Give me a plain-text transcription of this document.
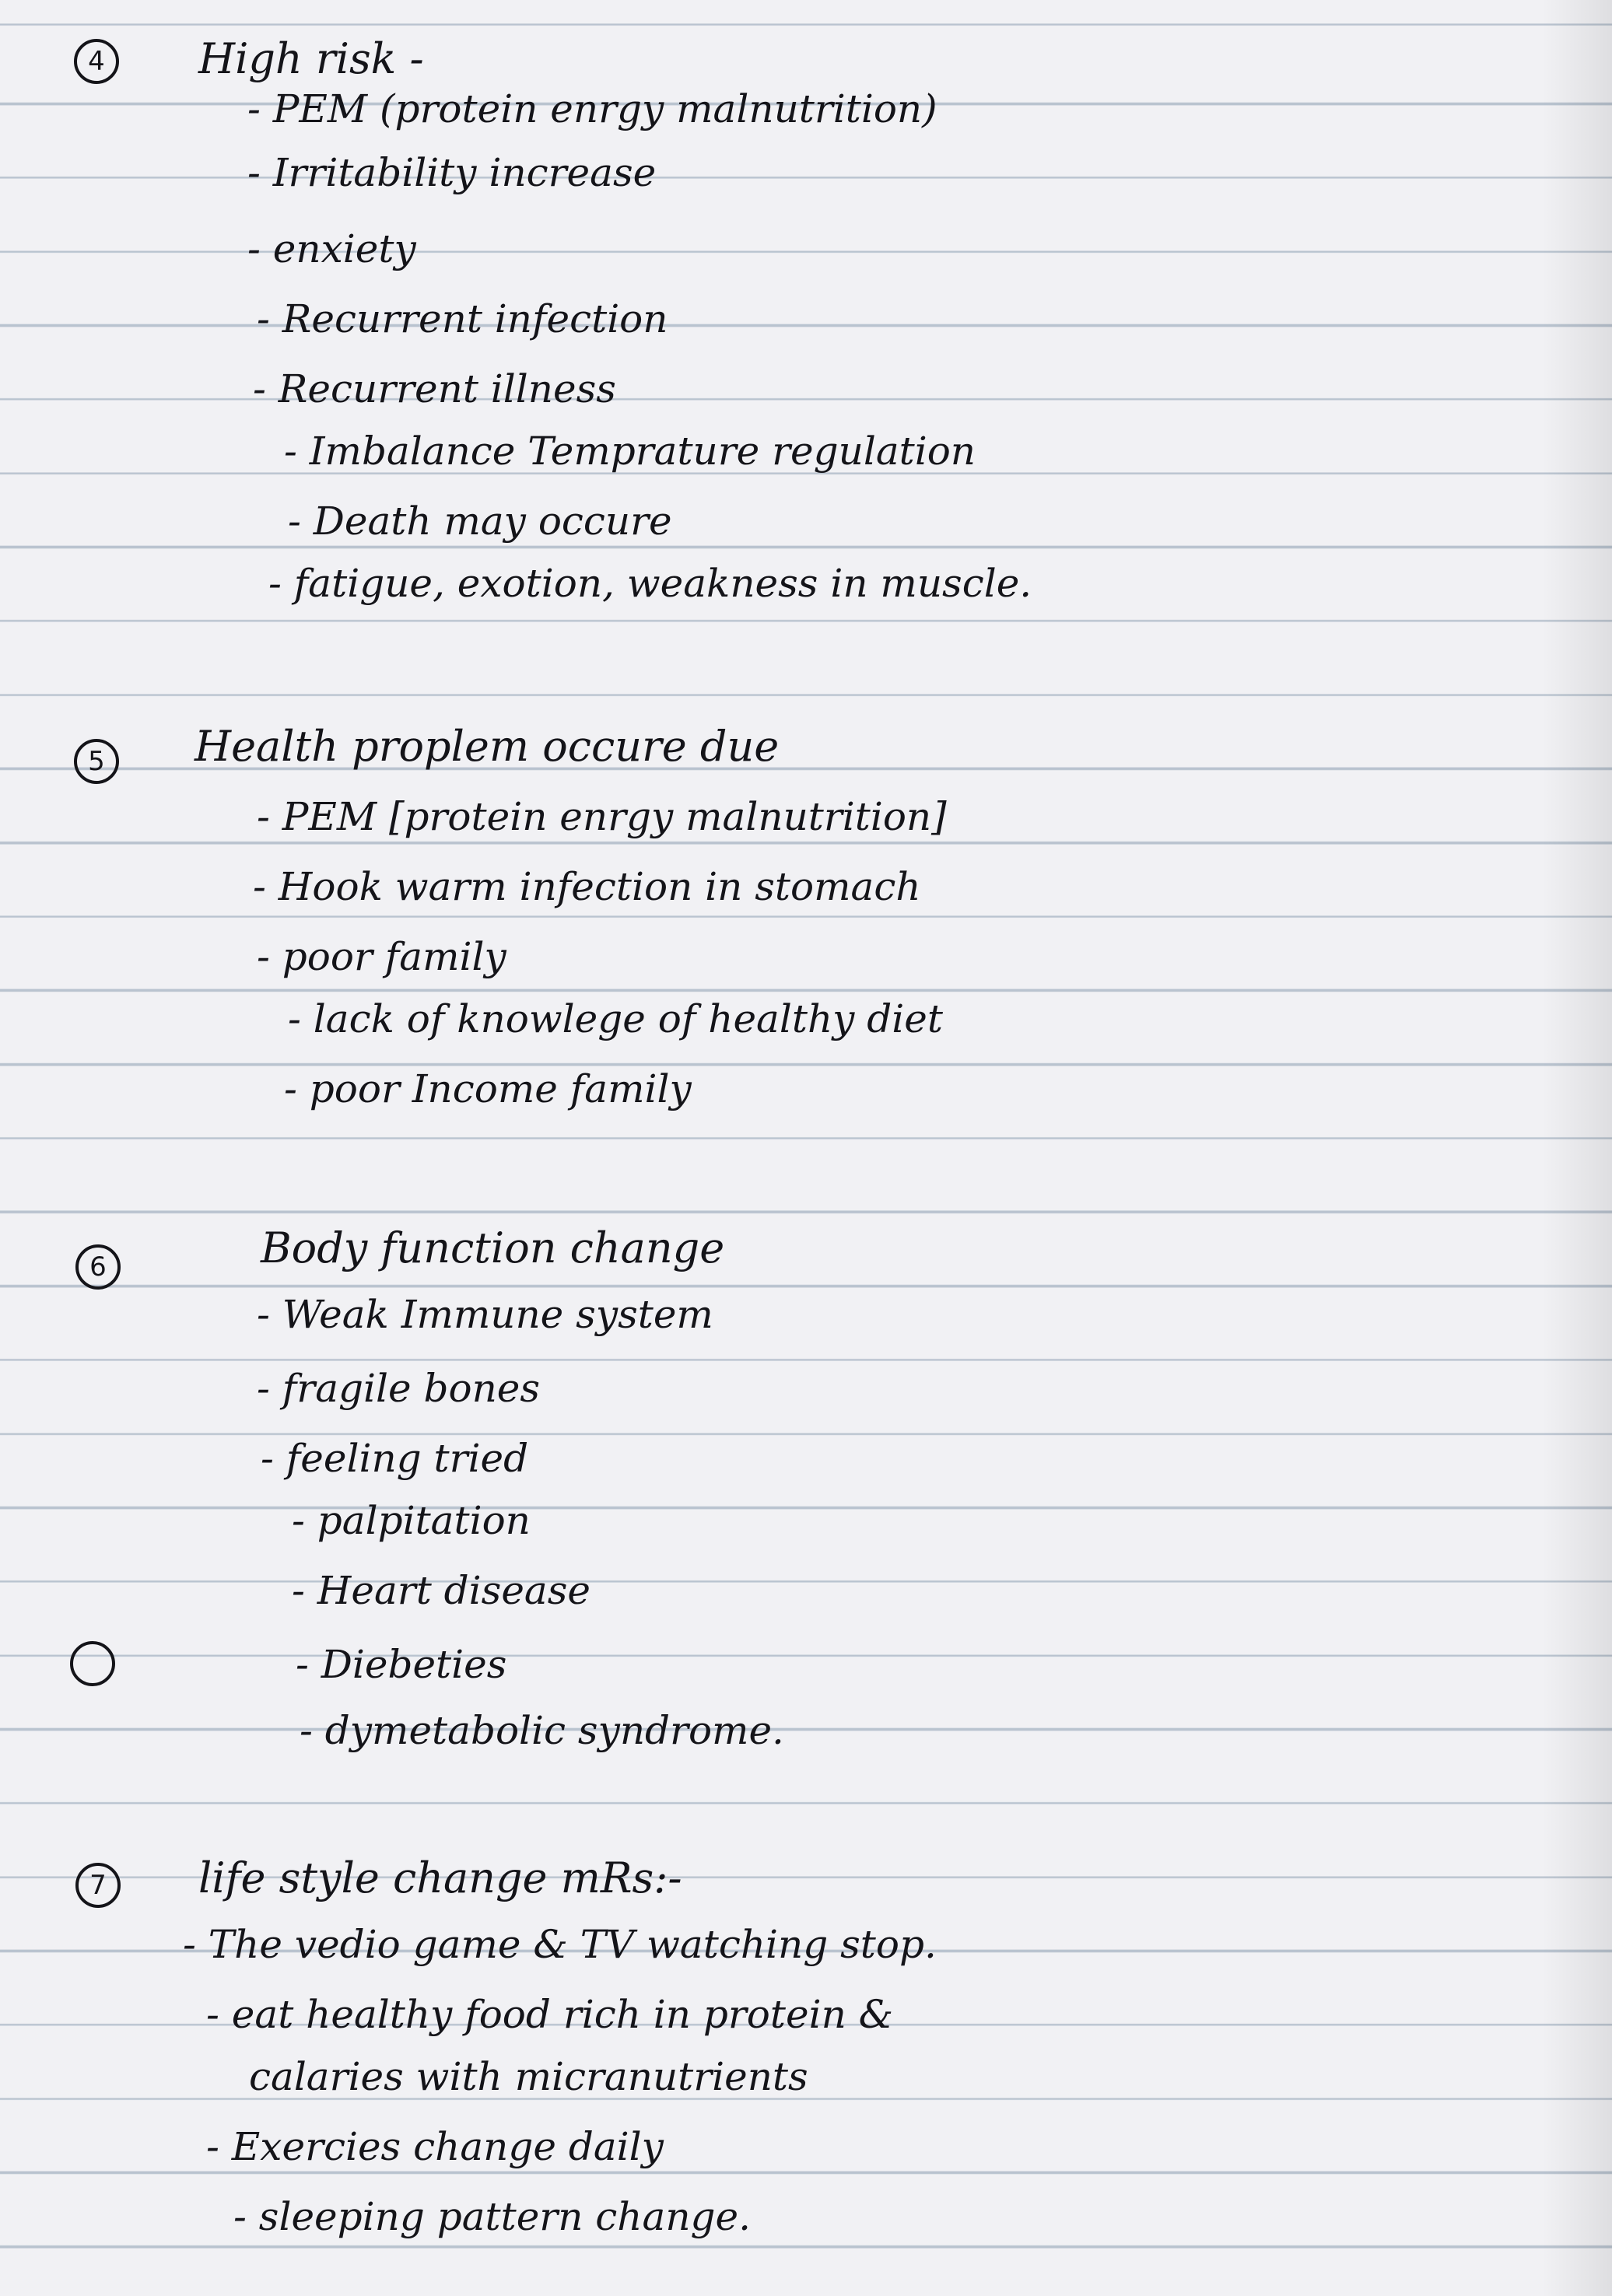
4	High risk -
- PEM (protein enrgy malnutrition)
- Irritability increase
- enxiety
- Recurrent infection
- Recurrent illness
- Imbalance Temprature regulation
- Death may occure
- fatigue, exotion, weakness in muscle.
5	Health proplem occure due
- PEM [protein enrgy malnutrition]
- Hook warm infection in stomach
- poor family
- lack of knowlege of healthy diet
- poor Income family
6	Body function change
- Weak Immune system
- fragile bones
- feeling tried
- palpitation
- Heart disease
- Diebeties
- dymetabolic syndrome.
7	life style change mRs:-
- The vedio game & TV watching stop.
- eat healthy food rich in protein &
calaries with micranutrients
- Exercies change daily
- sleeping pattern change.
